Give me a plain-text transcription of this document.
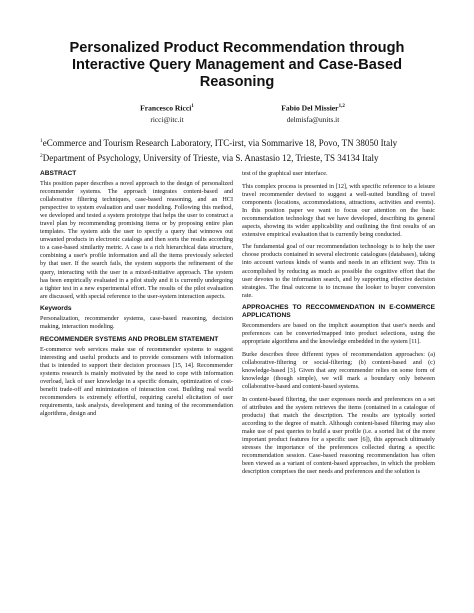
Personalized Product Recommendation through Interactive Query Management and Case-Based Reasoning
Francesco Ricci$^1$
ricci@itc.it
Fabio Del Missier$^{1,2}$
delmisfa@units.it
$^1$eCommerce and Tourism Research Laboratory, ITC-irst, via Sommarive 18, Povo, TN 38050 Italy
$^2$Department of Psychology, University of Trieste, via S. Anastasio 12, Trieste, TS 34134 Italy
ABSTRACT

This position paper describes a novel approach to the design of personalized recommender systems. The approach integrates content-based and collaborative filtering techniques, case-based reasoning, and an HCI perspective to system evaluation and user modeling. Following this method, we developed and tested a system prototype that helps the user to construct a travel plan by recommending promising items or by proposing entire plan templates. The system aids the user to specify a query that winnows out unwanted products in electronic catalogs and then sorts the results according to a case-based similarity metric. A case is a rich hierarchical data structure, combining a user's profile information and all the items previously selected by that user. If the search fails, the system supports the refinement of the query, interacting with the user in a mixed-initiative approach. The system has been empirically evaluated in a pilot study and it is currently undergoing a tighter test in a new experimental effort. The results of the pilot evaluation are discussed, with special reference to the user-system interaction aspects.

Keywords

Personalization, recommender systems, case-based reasoning, decision making, interaction modeling.

RECOMMENDER SYSTEMS AND PROBLEM STATEMENT

E-commerce web services make use of recommender systems to suggest interesting and useful products and to provide consumers with information that is intended to support their decision processes [15, 14]. Recommender systems research is mainly motivated by the need to cope with information overload, lack of user knowledge in a specific domain, optimization of cost-benefit trade-off and minimization of interaction cost. Building real world recommenders is extremely effortful, requiring careful elicitation of user requirements, task analysis, development and tuning of the recommendation algorithms, design and

test of the graphical user interface.

This complex process is presented in [12], with specific reference to a leisure travel recommender devised to suggest a well-suited bundling of travel components (locations, accommodations, attractions, activities and events). In this position paper we want to focus our attention on the basic recommendation technology that we have developed, describing its general aspects, showing its wider applicability and outlining the first results of an extensive empirical evaluation that is currently being conducted.

The fundamental goal of our recommendation technology is to help the user choose products contained in several electronic catalogues (databases), taking into account various kinds of wants and needs in an efficient way. This is accomplished by reducing as much as possible the cognitive effort that the user devotes to the information search, and by supporting effective decision strategies. The final outcome is to increase the looker to buyer conversion rate.

APPROACHES TO RECCOMMENDATION IN E-COMMERCE APPLICATIONS

Recommenders are based on the implicit assumption that user's needs and preferences can be converted/mapped into product selections, using the appropriate algorithms and the knowledge embedded in the system [11].

Burke describes three different types of recommendation approaches: (a) collaborative-filtering or social-filtering; (b) content-based and (c) knowledge-based [3]. Given that any recommender relies on some form of knowledge (though simple), we will mark a boundary only between collaborative-based and content-based systems.

In content-based filtering, the user expresses needs and preferences on a set of attributes and the system retrieves the items (contained in a catalogue of products) that match the description. The results are typically sorted according to the degree of match. Although content-based filtering may also make use of past queries to build a user profile (i.e. a sorted list of the more important product features for a specific user [6]), this approach ultimately stresses the importance of the preferences collected during a specific recommendation session. Case-based reasoning recommendation has often been viewed as a variant of content-based approaches, in which the problem description comprises the user needs and preferences and the solution is
